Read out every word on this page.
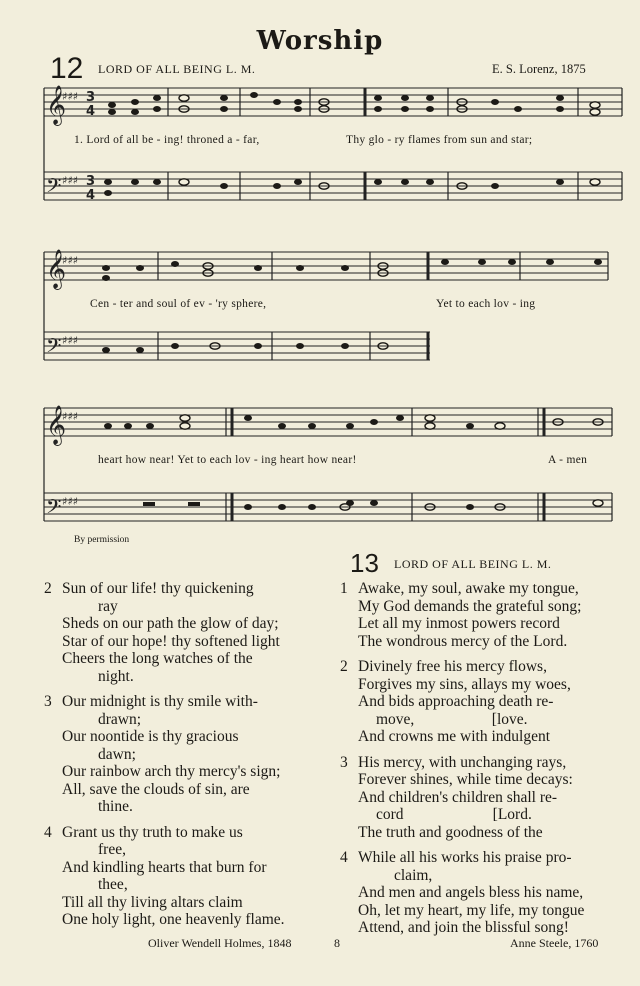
Worship
12 LORD OF ALL BEING L. M.	E. S. Lorenz, 1875
𝄞
𝄢
𝄞
𝄢
𝄞
𝄢
♯♯♯
♯♯♯
♯♯♯
♯♯♯
♯♯♯
♯♯♯
3
4
3
4
1. Lord of all be - ing! throned a - far,	Thy glo - ry flames from sun and star;
Cen - ter and soul of ev - 'ry sphere,	Yet to each lov - ing
heart how near! Yet to each lov - ing heart how near!	A - men
By permission
13 LORD OF ALL BEING L. M.
2 Sun of our life! thy quickening
ray
Sheds on our path the glow of day;
Star of our hope! thy softened light
Cheers the long watches of the
night.
3 Our midnight is thy smile with-
drawn;
Our noontide is thy gracious
dawn;
Our rainbow arch thy mercy's sign;
All, save the clouds of sin, are
thine.
4 Grant us thy truth to make us
free,
And kindling hearts that burn for
thee,
Till all thy living altars claim
One holy light, one heavenly flame.
1 Awake, my soul, awake my tongue,
My God demands the grateful song;
Let all my inmost powers record
The wondrous mercy of the Lord.
2 Divinely free his mercy flows,
Forgives my sins, allays my woes,
And bids approaching death re-
move,                    [love.
And crowns me with indulgent
3 His mercy, with unchanging rays,
Forever shines, while time decays:
And children's children shall re-
cord                       [Lord.
The truth and goodness of the
4 While all his works his praise pro-
claim,
And men and angels bless his name,
Oh, let my heart, my life, my tongue
Attend, and join the blissful song!
Oliver Wendell Holmes, 1848	8	Anne Steele, 1760
